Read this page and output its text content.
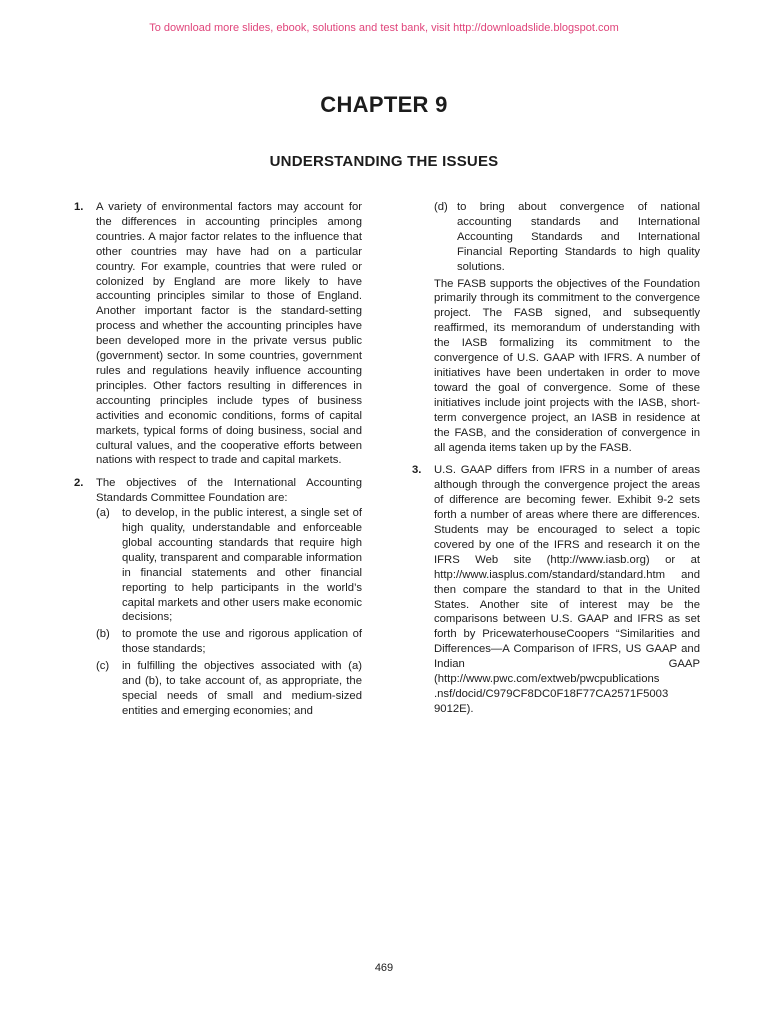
To download more slides, ebook, solutions and test bank, visit http://downloadslide.blogspot.com
CHAPTER 9
UNDERSTANDING THE ISSUES
1. A variety of environmental factors may account for the differences in accounting principles among countries. A major factor relates to the influence that other countries may have had on a particular country. For example, countries that were ruled or colonized by England are more likely to have accounting principles similar to those of England. Another important factor is the standard-setting process and whether the accounting principles have been developed more in the private versus public (government) sector. In some countries, government rules and regulations heavily influence accounting principles. Other factors resulting in differences in accounting principles include types of business activities and economic conditions, forms of capital markets, typical forms of doing business, social and cultural values, and the cooperative efforts between nations with respect to trade and capital markets.
2. The objectives of the International Accounting Standards Committee Foundation are:
(a) to develop, in the public interest, a single set of high quality, understandable and enforceable global accounting standards that require high quality, transparent and comparable information in financial statements and other financial reporting to help participants in the world’s capital markets and other users make economic decisions;
(b) to promote the use and rigorous application of those standards;
(c) in fulfilling the objectives associated with (a) and (b), to take account of, as appropriate, the special needs of small and medium-sized entities and emerging economies; and
(d) to bring about convergence of national accounting standards and International Accounting Standards and International Financial Reporting Standards to high quality solutions.
The FASB supports the objectives of the Foundation primarily through its commitment to the convergence project. The FASB signed, and subsequently reaffirmed, its memorandum of understanding with the IASB formalizing its commitment to the convergence of U.S. GAAP with IFRS. A number of initiatives have been undertaken in order to move toward the goal of convergence. Some of these initiatives include joint projects with the IASB, short-term convergence project, an IASB in residence at the FASB, and the consideration of convergence in all agenda items taken up by the FASB.
3. U.S. GAAP differs from IFRS in a number of areas although through the convergence project the areas of difference are becoming fewer. Exhibit 9-2 sets forth a number of areas where there are differences. Students may be encouraged to select a topic covered by one of the IFRS and research it on the IFRS Web site (http://www.iasb.org) or at http://www.iasplus.com/standard/standard.htm and then compare the standard to that in the United States. Another site of interest may be the comparisons between U.S. GAAP and IFRS as set forth by PricewaterhouseCoopers “Similarities and Differences—A Comparison of IFRS, US GAAP and Indian GAAP (http://www.pwc.com/extweb/pwcpublications .nsf/docid/C979CF8DC0F18F77CA2571F5003 9012E).
469
